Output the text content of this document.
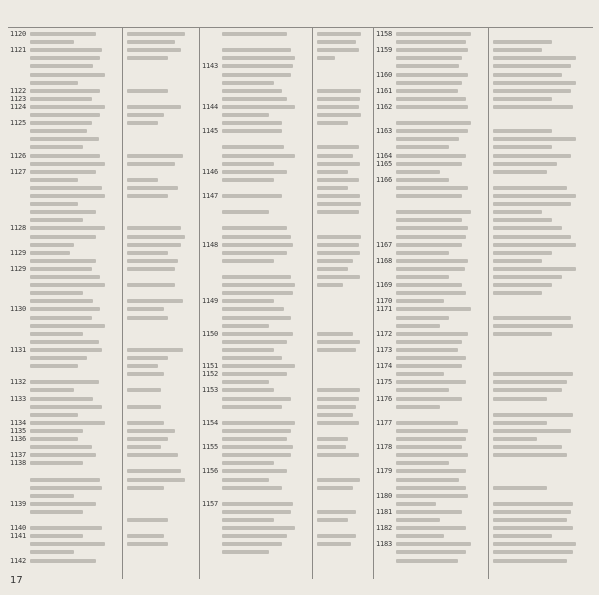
1120
1121
1122
1123
1124
1125
1126
1127
1128
1129
1129
1130
1131
1132
1133
1134
1135
1136
1137
1138
1139
1140
1141
1142
1143
1144
1145
1146
1147
1148
1149
1150
1151
1152
1153
1154
1155
1156
1157
1158
1159
1160
1161
1162
1163
1164
1165
1166
1167
1168
1169
1170
1171
1172
1173
1174
1175
1176
1177
1178
1179
1180
1181
1182
1183
17
